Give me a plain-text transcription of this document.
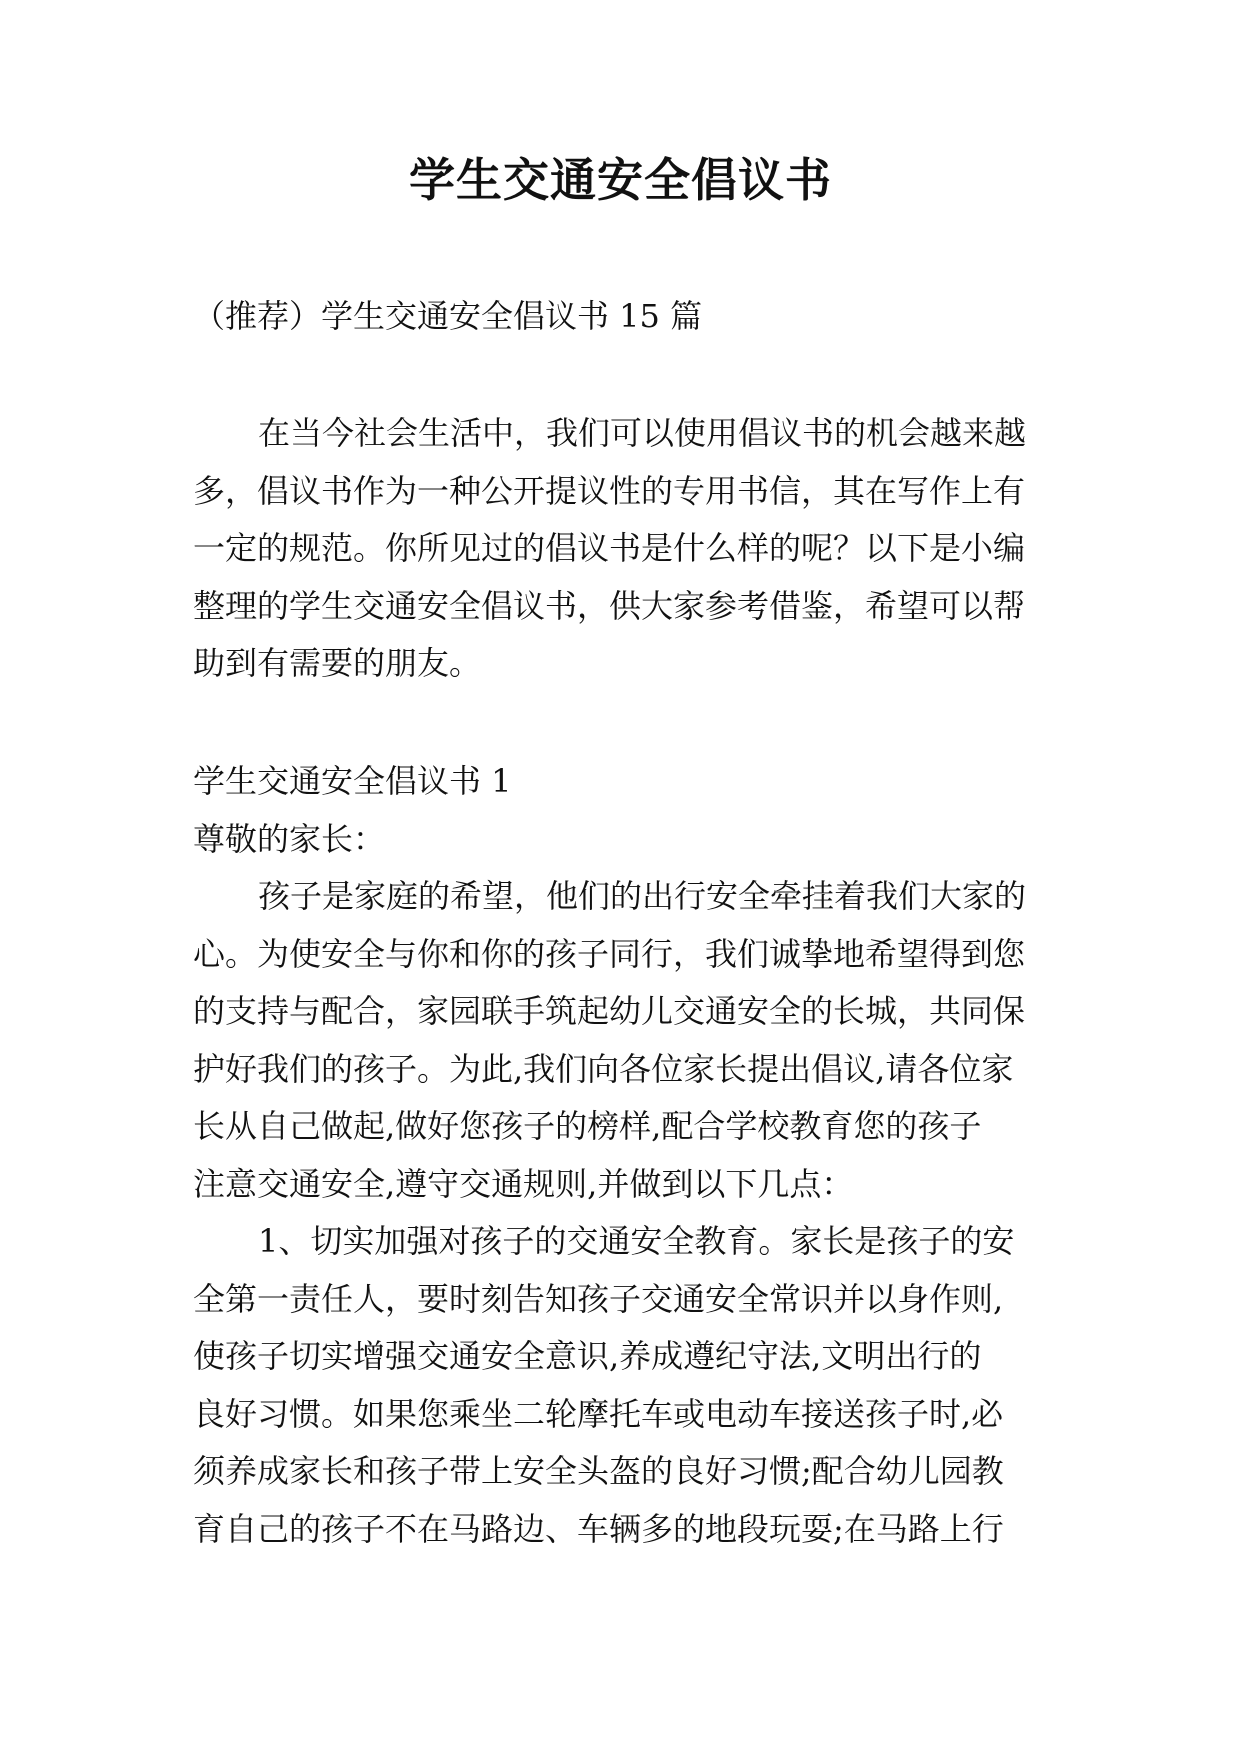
学生交通安全倡议书
（推荐）学生交通安全倡议书 15 篇
在当今社会生活中，我们可以使用倡议书的机会越来越
多，倡议书作为一种公开提议性的专用书信，其在写作上有
一定的规范。你所见过的倡议书是什么样的呢？以下是小编
整理的学生交通安全倡议书，供大家参考借鉴，希望可以帮
助到有需要的朋友。
学生交通安全倡议书 1
尊敬的家长：
孩子是家庭的希望，他们的出行安全牵挂着我们大家的
心。为使安全与你和你的孩子同行，我们诚挚地希望得到您
的支持与配合，家园联手筑起幼儿交通安全的长城，共同保
护好我们的孩子。为此,我们向各位家长提出倡议,请各位家
长从自己做起,做好您孩子的榜样,配合学校教育您的孩子
注意交通安全,遵守交通规则,并做到以下几点：
1、切实加强对孩子的交通安全教育。家长是孩子的安
全第一责任人，要时刻告知孩子交通安全常识并以身作则,
使孩子切实增强交通安全意识,养成遵纪守法,文明出行的
良好习惯。如果您乘坐二轮摩托车或电动车接送孩子时,必
须养成家长和孩子带上安全头盔的良好习惯;配合幼儿园教
育自己的孩子不在马路边、车辆多的地段玩耍;在马路上行
